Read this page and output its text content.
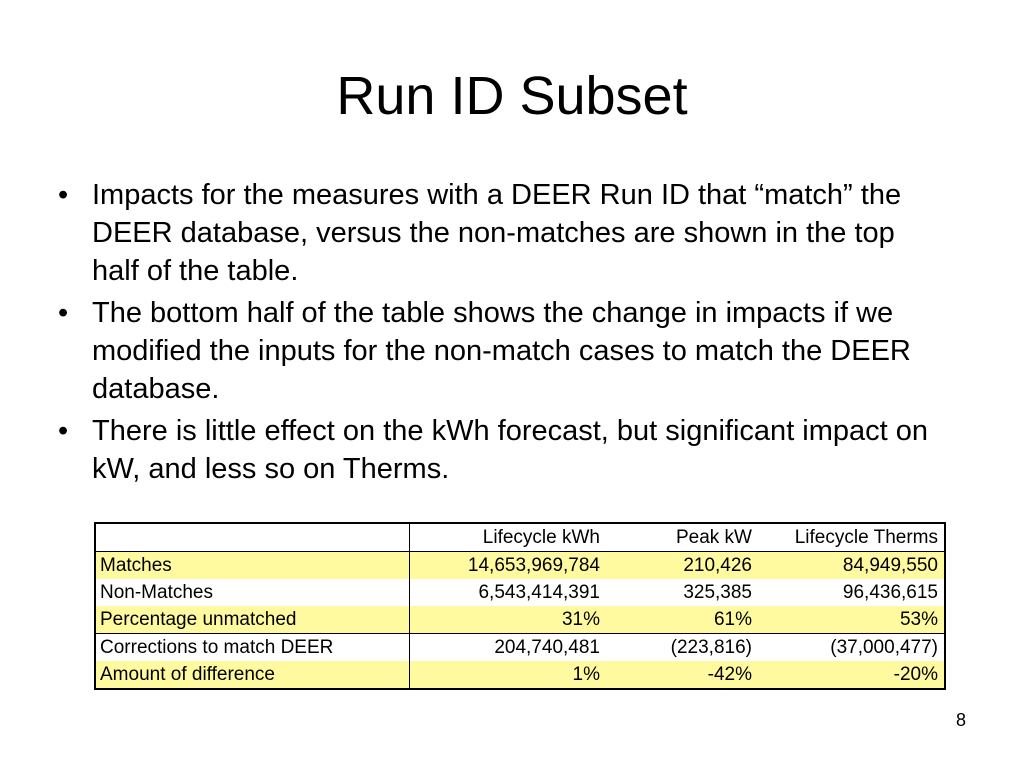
Run ID Subset
• Impacts for the measures with a DEER Run ID that “match” the DEER database, versus the non-matches are shown in the top half of the table.
• The bottom half of the table shows the change in impacts if we modified the inputs for the non-match cases to match the DEER database.
• There is little effect on the kWh forecast, but significant impact on kW, and less so on Therms.
	Lifecycle kWh	Peak kW	Lifecycle Therms
Matches	14,653,969,784	210,426	84,949,550
Non-Matches	6,543,414,391	325,385	96,436,615
Percentage unmatched	31%	61%	53%
Corrections to match DEER	204,740,481	(223,816)	(37,000,477)
Amount of difference	1%	-42%	-20%
8
